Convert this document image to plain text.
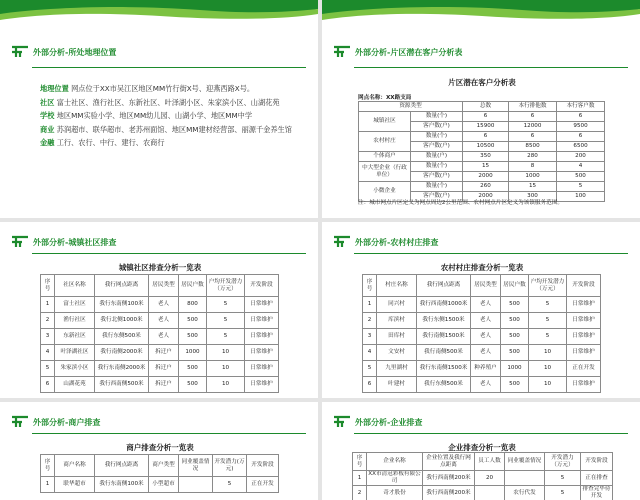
外部分析-所处地理位置

地理位置 网点位于XX市吴江区地区MM竹行街X号、迎燕西路X号。

社区 富士社区、渔行社区、东新社区、叶泽湖小区、朱家滨小区、山湖花苑

学校 地区MM实验小学、地区MM幼儿园、山湖小学、地区MM中学

商业 苏润超市、联华超市、老苏州面馆、地区MM建材经营部、丽源千金养生馆

金融 工行、农行、中行、建行、农商行

外部分析-片区潜在客户分析表
片区潜在客户分析表
网点名称：XX路支局
资源类型		总数	本行排他数	本行客户数
城镇社区	数量(个)	6	6	6
	客户数(户)	15900	12000	9500
农村村庄	数量(个)	6	6	6
	客户数(户)	10500	8500	6500
个体商户	数量(户)	350	280	200
中大型企业（行政单位）	数量(个)	15	8	4
	客户数(户)	2000	1000	500
小微企业	数量(个)	260	15	5
	客户数(户)	2000	300	100
注：城市网点片区定义为网点周边2公里范围、农村网点片区定义为该镇服务范围。
外部分析-城镇社区排查
城镇社区排查分析一览表
序号	社区名称	我行网点距离	居民类型	居民户数	户均开发潜力（万元）	开发阶段
1	富士社区	我行东南侧100米	老人	800	5	日常维护
2	渔行社区	我行北侧1000米	老人	500	5	日常维护
3	东新社区	我行东侧500米	老人	500	5	日常维护
4	叶泽湖社区	我行南侧2000米	拆迁户	1000	10	日常维护
5	朱家滨小区	我行东南侧2000米	拆迁户	500	10	日常维护
6	山湖花苑	我行西南侧500米	拆迁户	500	10	日常维护
外部分析-农村村庄排查
农村村庄排查分析一览表
序号	村庄名称	我行网点距离	居民类型	居民户数	户均开发潜力（万元）	开发阶段
1	同兴村	我行西南侧1000米	老人	500	5	日常维护
2	库滨村	我行东侧1500米	老人	500	5	日常维护
3	田库村	我行南侧1500米	老人	500	5	日常维护
4	文安村	我行南侧500米	老人	500	10	日常维护
5	九里湖村	我行东南侧1500米	种养殖户	1000	10	正在开发
6	叶建村	我行东侧500米	老人	500	10	日常维护
外部分析-商户排查
商户排查分析一览表
序号	商户名称	我行网点距离	商户类型	同业覆盖情况	开发潜力(万元)	开发阶段
1	联华超市	我行东南侧100米	小型超市		5	正在开发
外部分析-企业排查
企业排查分析一览表
序号	企业名称	企业位置及我行网点距离	员工人数	同业覆盖情况	开发潜力（万元）	开发阶段
1	XX市清冠彩板有限公司	我行西南侧200米	20		5	正在排查
2	奇才股份	我行西南侧200米		农行代发	5	排查完毕待开发
